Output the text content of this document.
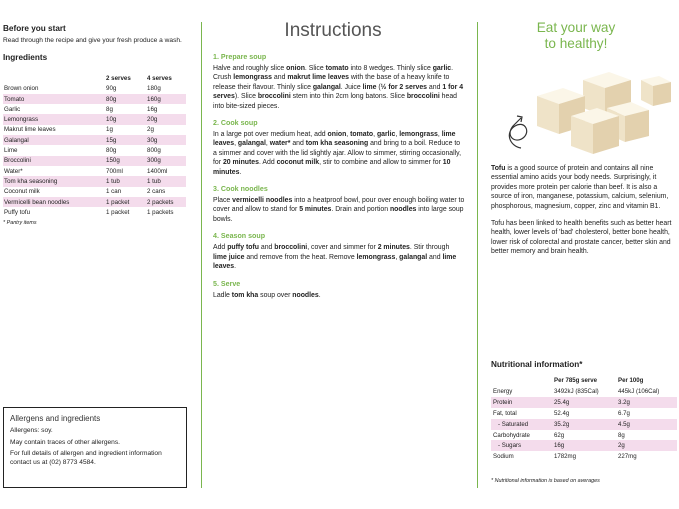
Before you start
Read through the recipe and give your fresh produce a wash.
Ingredients
	2 serves	4 serves
Brown onion	90g	180g
Tomato	80g	160g
Garlic	8g	16g
Lemongrass	10g	20g
Makrut lime leaves	1g	2g
Galangal	15g	30g
Lime	80g	800g
Broccolini	150g	300g
Water*	700ml	1400ml
Tom kha seasoning	1 tub	1 tub
Coconut milk	1 can	2 cans
Vermicelli bean noodles	1 packet	2 packets
Puffy tofu	1 packet	1 packets
* Pantry items
Allergens and ingredients
Allergens: soy.
May contain traces of other allergens.
For full details of allergen and ingredient information contact us at (02) 8773 4584.
Instructions
1. Prepare soup
Halve and roughly slice onion. Slice tomato into 8 wedges. Thinly slice garlic. Crush lemongrass and makrut lime leaves with the base of a heavy knife to release their flavour. Thinly slice galangal. Juice lime (½ for 2 serves and 1 for 4 serves). Slice broccolini stem into thin 2cm long batons. Slice broccolini head into bite-sized pieces.
2. Cook soup
In a large pot over medium heat, add onion, tomato, garlic, lemongrass, lime leaves, galangal, water* and tom kha seasoning and bring to a boil. Reduce to a simmer and cover with the lid slightly ajar. Allow to simmer, stirring occasionally, for 20 minutes. Add coconut milk, stir to combine and allow to simmer for 10 minutes.
3. Cook noodles
Place vermicelli noodles into a heatproof bowl, pour over enough boiling water to cover and allow to stand for 5 minutes. Drain and portion noodles into large soup bowls.
4. Season soup
Add puffy tofu and broccolini, cover and simmer for 2 minutes. Stir through lime juice and remove from the heat. Remove lemongrass, galangal and lime leaves.
5. Serve
Ladle tom kha soup over noodles.
Eat your way
to healthy!
Tofu is a good source of protein and contains all nine essential amino acids your body needs. Surprisingly, it provides more protein per calorie than beef. It is also a source of iron, manganese, potassium, calcium, selenium, phosphorous, magnesium, copper, zinc and vitamin B1.
Tofu has been linked to health benefits such as better heart health, lower levels of 'bad' cholesterol, better bone health, lower risk of colorectal and prostate cancer, better skin and better memory and brain health.
Nutritional information*
	Per 785g serve	Per 100g
Energy	3492kJ (835Cal)	445kJ (106Cal)
Protein	25.4g	3.2g
Fat, total	52.4g	6.7g
- Saturated	35.2g	4.5g
Carbohydrate	62g	8g
- Sugars	16g	2g
Sodium	1782mg	227mg
* Nutritional information is based on averages
